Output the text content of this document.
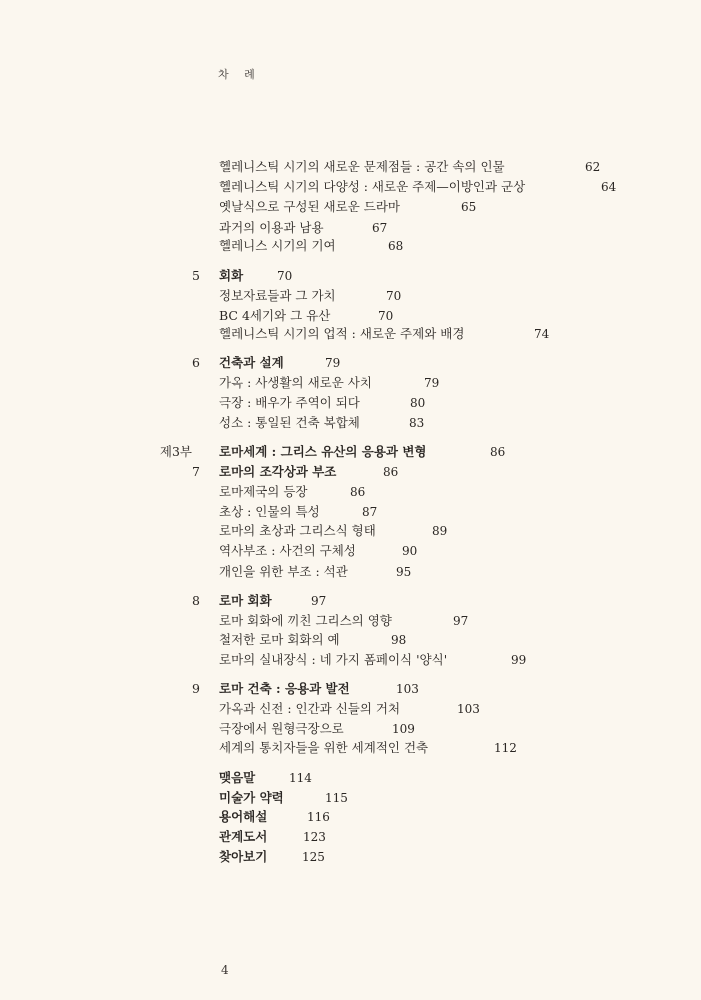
차 례
헬레니스틱 시기의 새로운 문제점들 : 공간 속의 인물	62
헬레니스틱 시기의 다양성 : 새로운 주제—이방인과 군상	64
옛날식으로 구성된 새로운 드라마	65
과거의 이용과 남용	67
헬레니스 시기의 기여	68
5 회화	70
정보자료들과 그 가치	70
BC 4세기와 그 유산	70
헬레니스틱 시기의 업적 : 새로운 주제와 배경	74
6 건축과 설계	79
가옥 : 사생활의 새로운 사치	79
극장 : 배우가 주역이 되다	80
성소 : 통일된 건축 복합체	83
제3부 로마세계 : 그리스 유산의 응용과 변형	86
7 로마의 조각상과 부조	86
로마제국의 등장	86
초상 : 인물의 특성	87
로마의 초상과 그리스식 형태	89
역사부조 : 사건의 구체성	90
개인을 위한 부조 : 석관	95
8 로마 회화	97
로마 회화에 끼친 그리스의 영향	97
철저한 로마 회화의 예	98
로마의 실내장식 : 네 가지 폼페이식 '양식'	99
9 로마 건축 : 응용과 발전	103
가옥과 신전 : 인간과 신들의 거처	103
극장에서 원형극장으로	109
세계의 통치자들을 위한 세계적인 건축	112
맺음말	114
미술가 약력	115
용어해설	116
관계도서	123
찾아보기	125
4
